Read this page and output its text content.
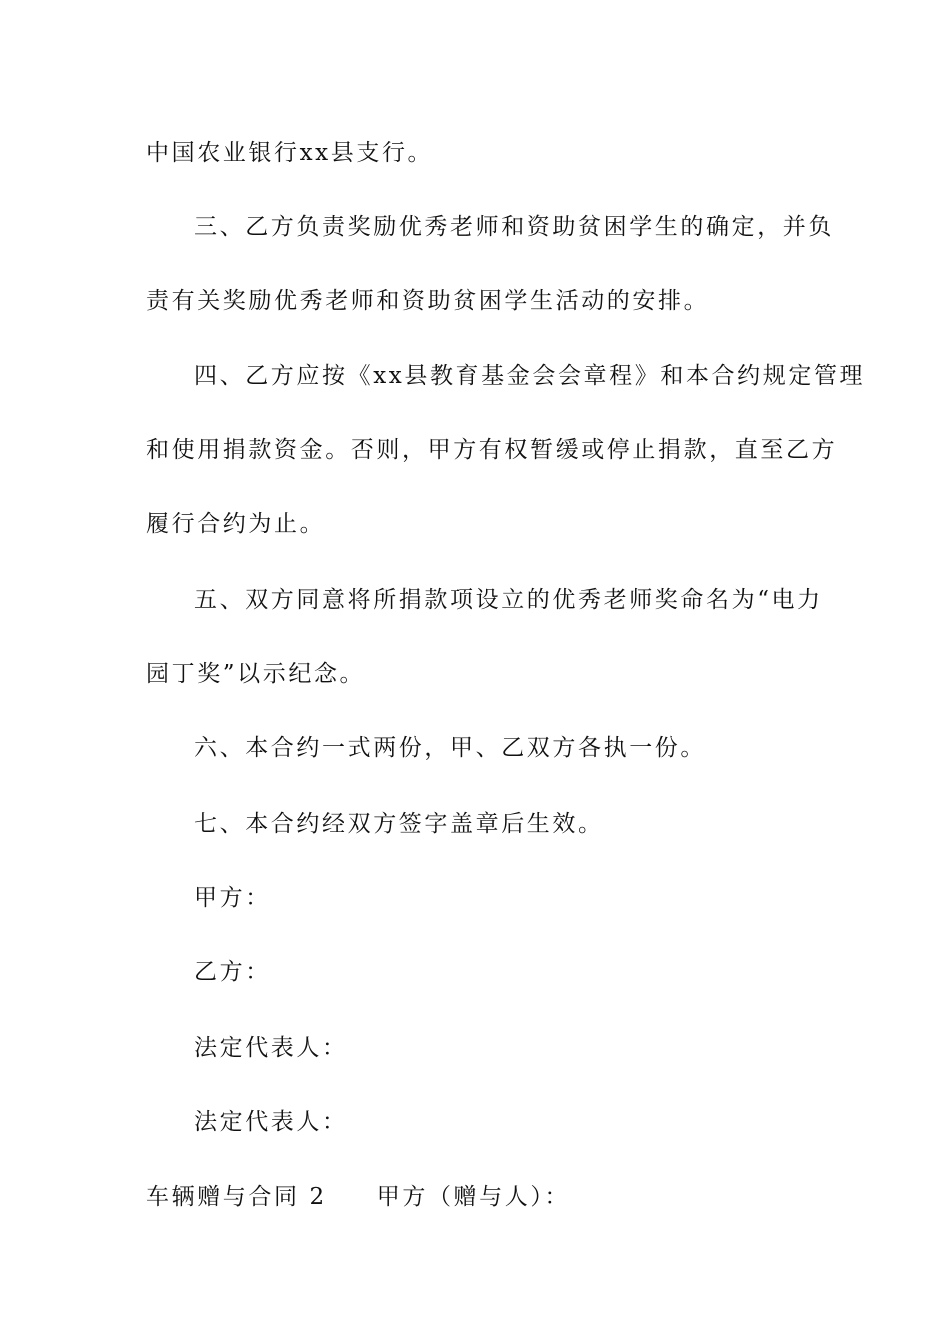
中国农业银行xx县支行。
三、乙方负责奖励优秀老师和资助贫困学生的确定，并负
责有关奖励优秀老师和资助贫困学生活动的安排。
四、乙方应按《xx县教育基金会会章程》和本合约规定管理
和使用捐款资金。否则，甲方有权暂缓或停止捐款，直至乙方
履行合约为止。
五、双方同意将所捐款项设立的优秀老师奖命名为“电力
园丁奖”以示纪念。
六、本合约一式两份，甲、乙双方各执一份。
七、本合约经双方签字盖章后生效。
甲方：
乙方：
法定代表人：
法定代表人：
车辆赠与合同 2 甲方（赠与人）：
